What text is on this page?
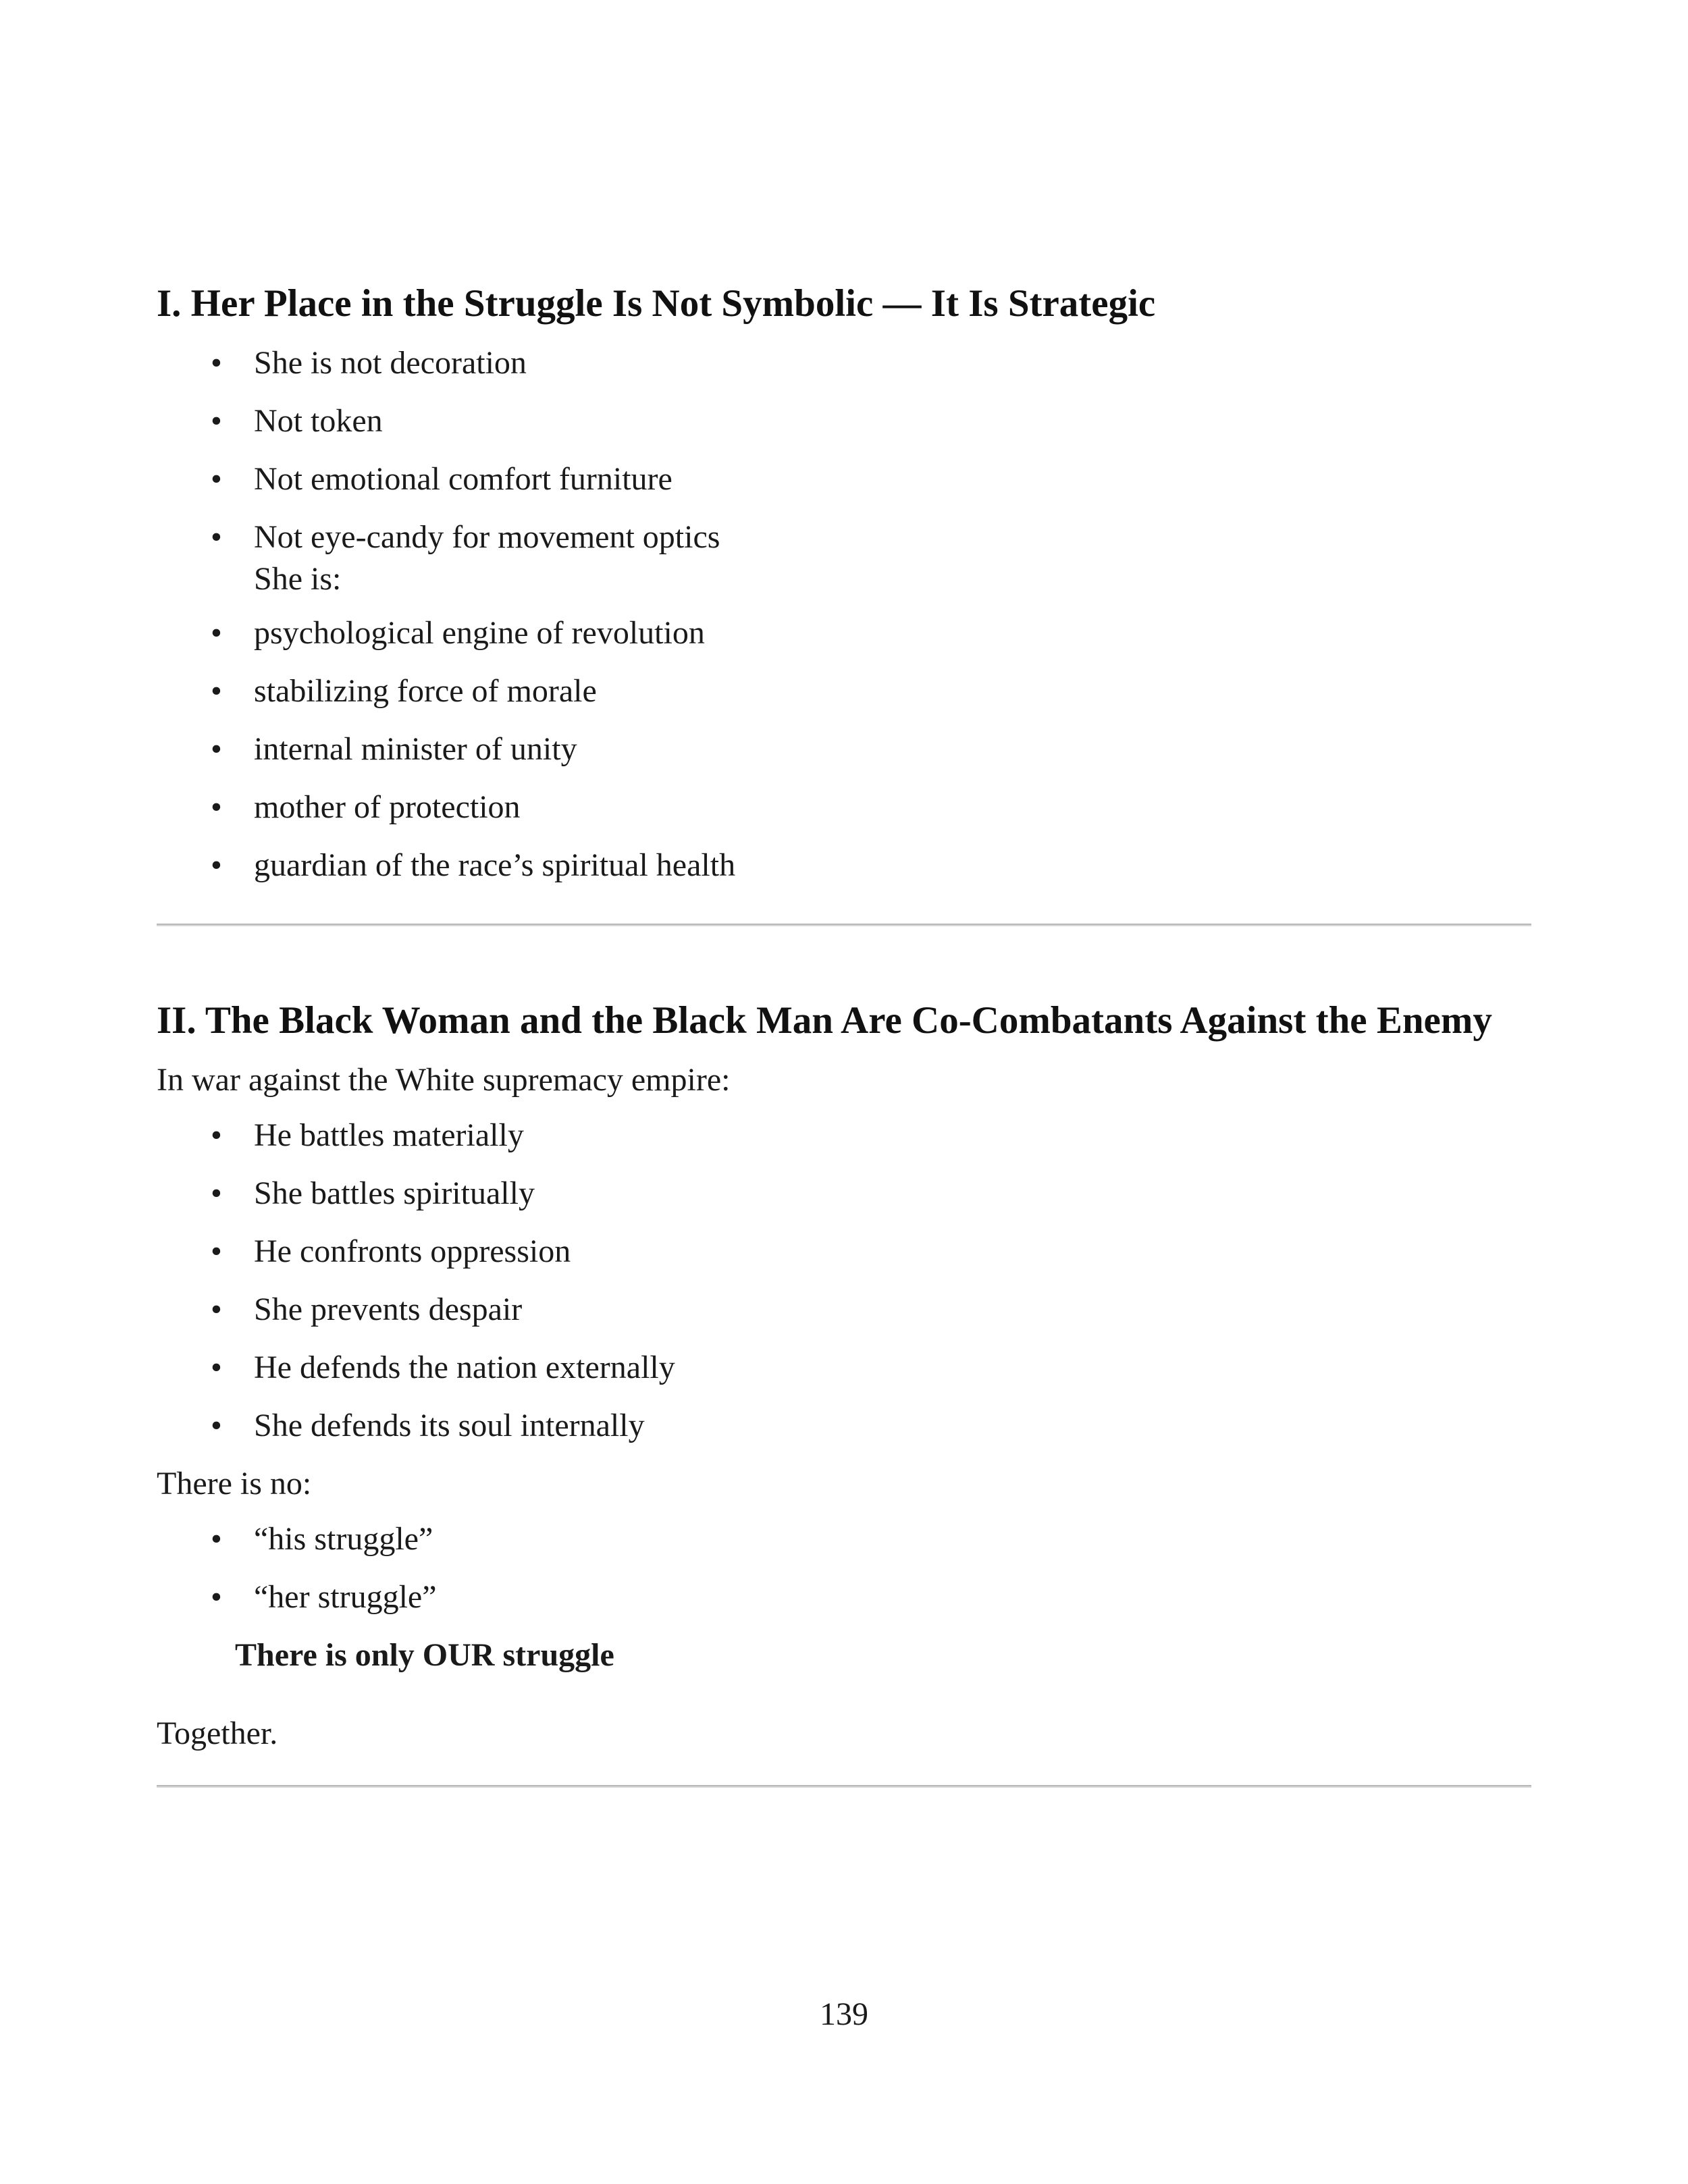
I. Her Place in the Struggle Is Not Symbolic — It Is Strategic
• She is not decoration
• Not token
• Not emotional comfort furniture
• Not eye-candy for movement optics
She is:
• psychological engine of revolution
• stabilizing force of morale
• internal minister of unity
• mother of protection
• guardian of the race’s spiritual health
II. The Black Woman and the Black Man Are Co-Combatants Against the Enemy
In war against the White supremacy empire:
• He battles materially
• She battles spiritually
• He confronts oppression
• She prevents despair
• He defends the nation externally
• She defends its soul internally
There is no:
• “his struggle”
• “her struggle”
There is only OUR struggle
Together.
139
